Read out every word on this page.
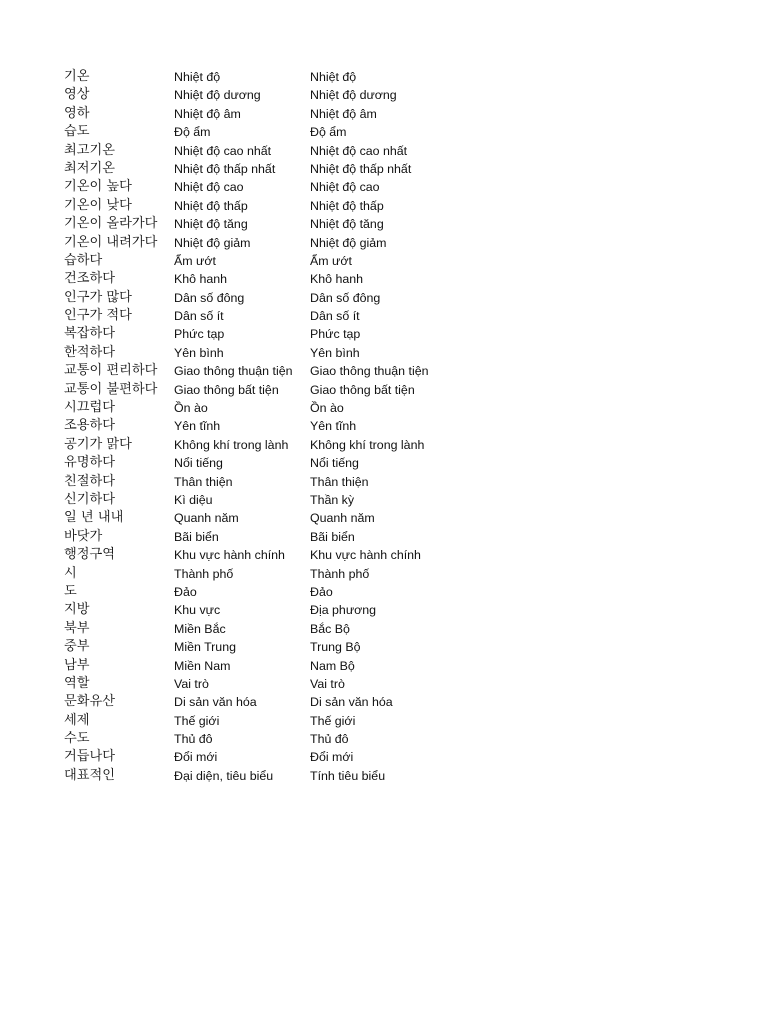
기온	Nhiệt độ	Nhiệt độ
영상	Nhiệt độ dương	Nhiệt độ dương
영하	Nhiệt độ âm	Nhiệt độ âm
습도	Độ ẩm	Độ ẩm
최고기온	Nhiệt độ cao nhất	Nhiệt độ cao nhất
최저기온	Nhiệt độ thấp nhất	Nhiệt độ thấp nhất
기온이 높다	Nhiệt độ cao	Nhiệt độ cao
기온이 낮다	Nhiệt độ thấp	Nhiệt độ thấp
기온이 올라가다	Nhiệt độ tăng	Nhiệt độ tăng
기온이 내려가다	Nhiệt độ giảm	Nhiệt độ giảm
습하다	Ẩm ướt	Ẩm ướt
건조하다	Khô hanh	Khô hanh
인구가 많다	Dân số đông	Dân số đông
인구가 적다	Dân số ít	Dân số ít
복잡하다	Phức tạp	Phức tạp
한적하다	Yên bình	Yên bình
교통이 편리하다	Giao thông thuận tiện	Giao thông thuận tiện
교통이 불편하다	Giao thông bất tiện	Giao thông bất tiện
시끄럽다	Ồn ào	Ồn ào
조용하다	Yên tĩnh	Yên tĩnh
공기가 맑다	Không khí trong lành	Không khí trong lành
유명하다	Nổi tiếng	Nổi tiếng
친절하다	Thân thiện	Thân thiện
신기하다	Kì diệu	Thần kỳ
일 년 내내	Quanh năm	Quanh năm
바닷가	Bãi biển	Bãi biển
행정구역	Khu vực hành chính	Khu vực hành chính
시	Thành phố	Thành phố
도	Đảo	Đảo
지방	Khu vực	Địa phương
북부	Miền Bắc	Bắc Bộ
중부	Miền Trung	Trung Bộ
남부	Miền Nam	Nam Bộ
역할	Vai trò	Vai trò
문화유산	Di sản văn hóa	Di sản văn hóa
세제	Thế giới	Thế giới
수도	Thủ đô	Thủ đô
거듭나다	Đổi mới	Đổi mới
대표적인	Đại diện, tiêu biểu	Tính tiêu biểu
